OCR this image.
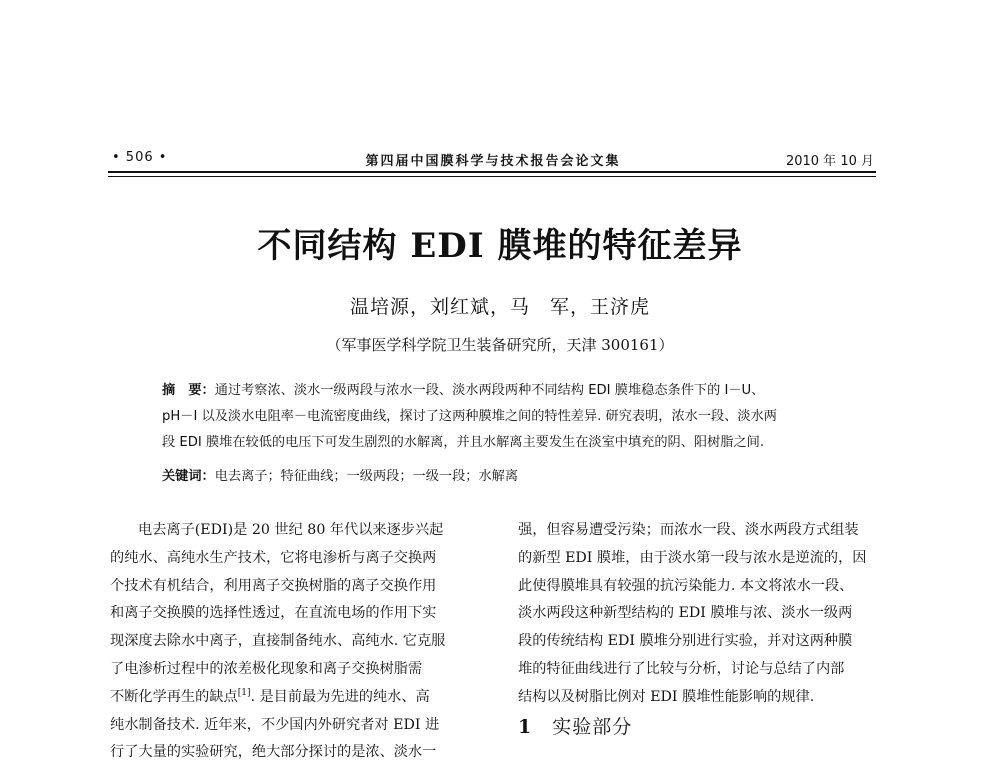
• 506 •	第四届中国膜科学与技术报告会论文集	2010 年 10 月
不同结构 EDI 膜堆的特征差异
温培源，刘红斌，马　军，王济虎
（军事医学科学院卫生装备研究所，天津 300161）
摘　要：通过考察浓、淡水一级两段与浓水一段、淡水两段两种不同结构 EDI 膜堆稳态条件下的 I－U、
pH－I 以及淡水电阻率－电流密度曲线，探讨了这两种膜堆之间的特性差异. 研究表明，浓水一段、淡水两
段 EDI 膜堆在较低的电压下可发生剧烈的水解离，并且水解离主要发生在淡室中填充的阴、阳树脂之间.
关键词：电去离子；特征曲线；一级两段；一级一段；水解离

电去离子(EDI)是 20 世纪 80 年代以来逐步兴起

的纯水、高纯水生产技术，它将电渗析与离子交换两

个技术有机结合，利用离子交换树脂的离子交换作用

和离子交换膜的选择性透过，在直流电场的作用下实

现深度去除水中离子，直接制备纯水、高纯水. 它克服

了电渗析过程中的浓差极化现象和离子交换树脂需

不断化学再生的缺点[1]. 是目前最为先进的纯水、高

纯水制备技术. 近年来，不少国内外研究者对 EDI 进

行了大量的实验研究，绝大部分探讨的是浓、淡水一

强，但容易遭受污染；而浓水一段、淡水两段方式组装

的新型 EDI 膜堆，由于淡水第一段与浓水是逆流的，因

此使得膜堆具有较强的抗污染能力. 本文将浓水一段、

淡水两段这种新型结构的 EDI 膜堆与浓、淡水一级两

段的传统结构 EDI 膜堆分别进行实验，并对这两种膜

堆的特征曲线进行了比较与分析，讨论与总结了内部

结构以及树脂比例对 EDI 膜堆性能影响的规律.

1 实验部分
